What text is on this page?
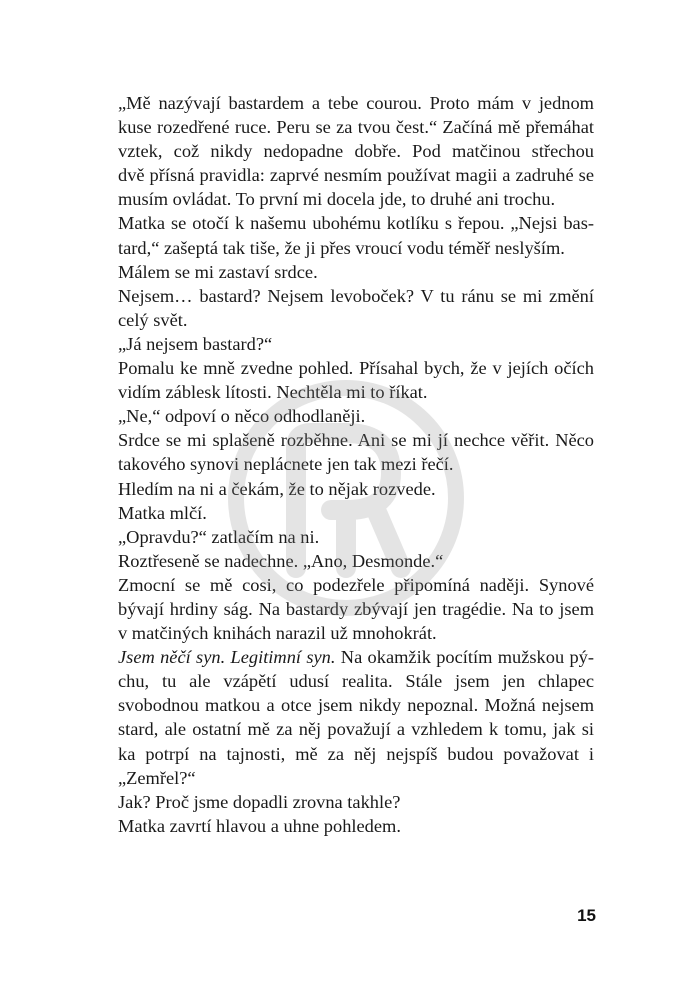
„Mě nazývají bastardem a tebe courou. Proto mám v jednom
kuse rozedřené ruce. Peru se za tvou čest.“ Začíná mě přemáhat
vztek, což nikdy nedopadne dobře. Pod matčinou střechou
dvě přísná pravidla: zaprvé nesmím používat magii a zadruhé se
musím ovládat. To první mi docela jde, to druhé ani trochu.
Matka se otočí k našemu ubohému kotlíku s řepou. „Nejsi bas-
tard,“ zašeptá tak tiše, že ji přes vroucí vodu téměř neslyším.
Málem se mi zastaví srdce.
Nejsem… bastard? Nejsem levoboček? V tu ránu se mi změní
celý svět.
„Já nejsem bastard?“
Pomalu ke mně zvedne pohled. Přísahal bych, že v jejích očích
vidím záblesk lítosti. Nechtěla mi to říkat.
„Ne,“ odpoví o něco odhodlaněji.
Srdce se mi splašeně rozběhne. Ani se mi jí nechce věřit. Něco
takového synovi neplácnete jen tak mezi řečí.
Hledím na ni a čekám, že to nějak rozvede.
Matka mlčí.
„Opravdu?“ zatlačím na ni.
Roztřeseně se nadechne. „Ano, Desmonde.“
Zmocní se mě cosi, co podezřele připomíná naději. Synové
bývají hrdiny ság. Na bastardy zbývají jen tragédie. Na to jsem
v matčiných knihách narazil už mnohokrát.
Jsem něčí syn. Legitimní syn. Na okamžik pocítím mužskou pý-
chu, tu ale vzápětí udusí realita. Stále jsem jen chlapec
svobodnou matkou a otce jsem nikdy nepoznal. Možná nejsem
stard, ale ostatní mě za něj považují a vzhledem k tomu, jak si
ka potrpí na tajnosti, mě za něj nejspíš budou považovat i
„Zemřel?“
Jak? Proč jsme dopadli zrovna takhle?
Matka zavrtí hlavou a uhne pohledem.
15
